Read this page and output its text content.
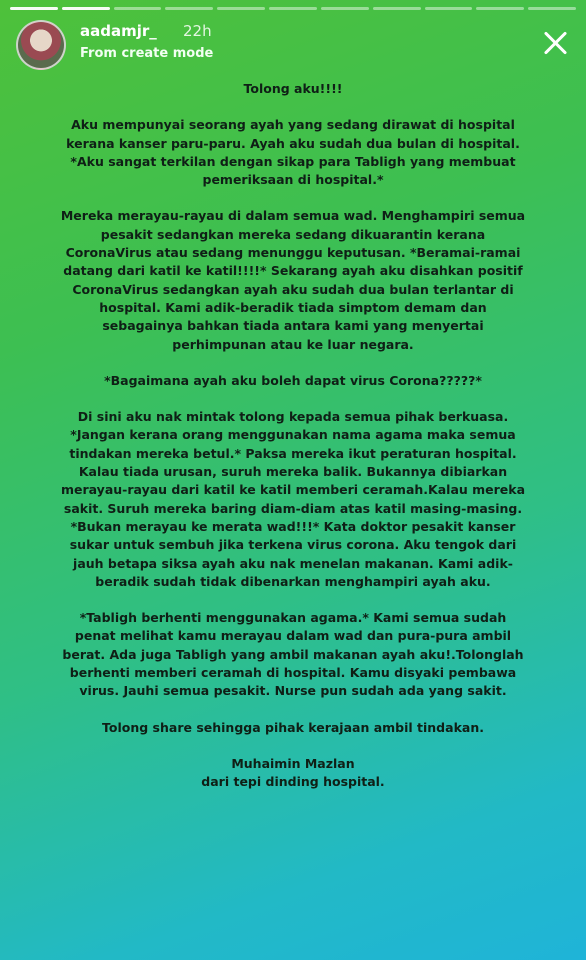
aadamjr_ 22h
From create mode

Tolong aku!!!!

Aku mempunyai seorang ayah yang sedang dirawat di hospital kerana kanser paru-paru. Ayah aku sudah dua bulan di hospital. *Aku sangat terkilan dengan sikap para Tabligh yang membuat pemeriksaan di hospital.*

Mereka merayau-rayau di dalam semua wad. Menghampiri semua pesakit sedangkan mereka sedang dikuarantin kerana CoronaVirus atau sedang menunggu keputusan. *Beramai-ramai datang dari katil ke katil!!!!* Sekarang ayah aku disahkan positif CoronaVirus sedangkan ayah aku sudah dua bulan terlantar di hospital. Kami adik-beradik tiada simptom demam dan sebagainya bahkan tiada antara kami yang menyertai perhimpunan atau ke luar negara.

*Bagaimana ayah aku boleh dapat virus Corona?????*

Di sini aku nak mintak tolong kepada semua pihak berkuasa. *Jangan kerana orang menggunakan nama agama maka semua tindakan mereka betul.* Paksa mereka ikut peraturan hospital. Kalau tiada urusan, suruh mereka balik. Bukannya dibiarkan merayau-rayau dari katil ke katil memberi ceramah.Kalau mereka sakit. Suruh mereka baring diam-diam atas katil masing-masing. *Bukan merayau ke merata wad!!!* Kata doktor pesakit kanser sukar untuk sembuh jika terkena virus corona. Aku tengok dari jauh betapa siksa ayah aku nak menelan makanan. Kami adik-beradik sudah tidak dibenarkan menghampiri ayah aku.

*Tabligh berhenti menggunakan agama.* Kami semua sudah penat melihat kamu merayau dalam wad dan pura-pura ambil berat. Ada juga Tabligh yang ambil makanan ayah aku!.Tolonglah berhenti memberi ceramah di hospital. Kamu disyaki pembawa virus. Jauhi semua pesakit. Nurse pun sudah ada yang sakit.

Tolong share sehingga pihak kerajaan ambil tindakan.

Muhaimin Mazlan
dari tepi dinding hospital.
